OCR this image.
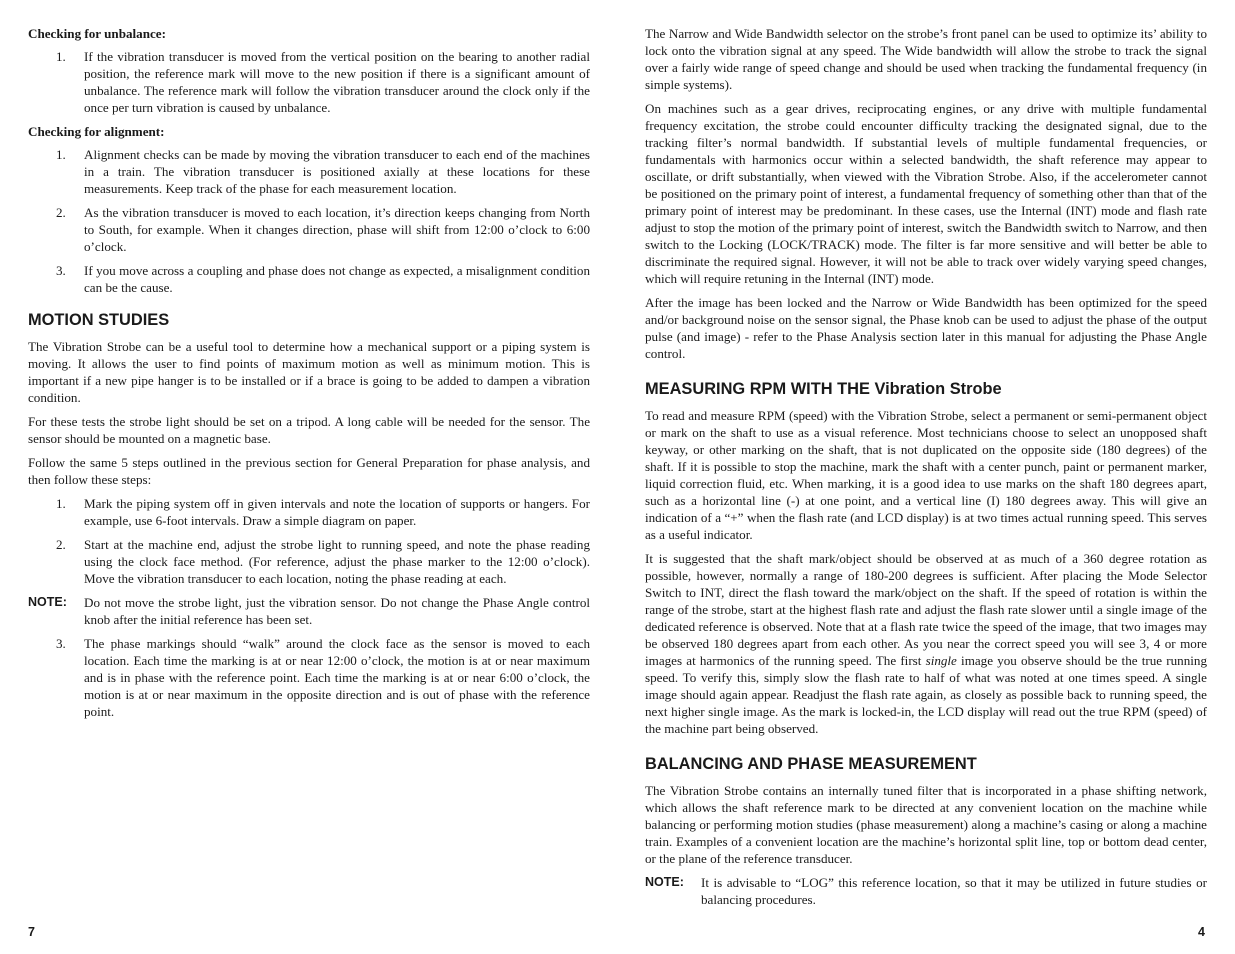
Checking for unbalance:

1. If the vibration transducer is moved from the vertical position on the bearing to another radial position, the reference mark will move to the new position if there is a significant amount of unbalance. The reference mark will follow the vibration transducer around the clock only if the once per turn vibration is caused by unbalance.

Checking for alignment:

1. Alignment checks can be made by moving the vibration transducer to each end of the machines in a train. The vibration transducer is positioned axially at these locations for these measurements. Keep track of the phase for each measurement location.
2. As the vibration transducer is moved to each location, it’s direction keeps changing from North to South, for example. When it changes direction, phase will shift from 12:00 o’clock to 6:00 o’clock.
3. If you move across a coupling and phase does not change as expected, a misalignment condition can be the cause.
MOTION STUDIES

The Vibration Strobe can be a useful tool to determine how a mechanical support or a piping system is moving. It allows the user to find points of maximum motion as well as minimum motion. This is important if a new pipe hanger is to be installed or if a brace is going to be added to dampen a vibration condition.

For these tests the strobe light should be set on a tripod. A long cable will be needed for the sensor. The sensor should be mounted on a magnetic base.

Follow the same 5 steps outlined in the previous section for General Preparation for phase analysis, and then follow these steps:

1. Mark the piping system off in given intervals and note the location of supports or hangers. For example, use 6-foot intervals. Draw a simple diagram on paper.
2. Start at the machine end, adjust the strobe light to running speed, and note the phase reading using the clock face method. (For reference, adjust the phase marker to the 12:00 o’clock). Move the vibration transducer to each location, noting the phase reading at each.
NOTE: Do not move the strobe light, just the vibration sensor. Do not change the Phase Angle control knob after the initial reference has been set.
3. The phase markings should “walk” around the clock face as the sensor is moved to each location. Each time the marking is at or near 12:00 o’clock, the motion is at or near maximum and is in phase with the reference point. Each time the marking is at or near 6:00 o’clock, the motion is at or near maximum in the opposite direction and is out of phase with the reference point.

The Narrow and Wide Bandwidth selector on the strobe’s front panel can be used to optimize its’ ability to lock onto the vibration signal at any speed. The Wide bandwidth will allow the strobe to track the signal over a fairly wide range of speed change and should be used when tracking the fundamental frequency (in simple systems).

On machines such as a gear drives, reciprocating engines, or any drive with multiple fundamental frequency excitation, the strobe could encounter difficulty tracking the designated signal, due to the tracking filter’s normal bandwidth. If substantial levels of multiple fundamental frequencies, or fundamentals with harmonics occur within a selected bandwidth, the shaft reference may appear to oscillate, or drift substantially, when viewed with the Vibration Strobe. Also, if the accelerometer cannot be positioned on the primary point of interest, a fundamental frequency of something other than that of the primary point of interest may be predominant. In these cases, use the Internal (INT) mode and flash rate adjust to stop the motion of the primary point of interest, switch the Bandwidth switch to Narrow, and then switch to the Locking (LOCK/TRACK) mode. The filter is far more sensitive and will better be able to discriminate the required signal. However, it will not be able to track over widely varying speed changes, which will require retuning in the Internal (INT) mode.

After the image has been locked and the Narrow or Wide Bandwidth has been optimized for the speed and/or background noise on the sensor signal, the Phase knob can be used to adjust the phase of the output pulse (and image) - refer to the Phase Analysis section later in this manual for adjusting the Phase Angle control.

MEASURING RPM WITH THE Vibration Strobe

To read and measure RPM (speed) with the Vibration Strobe, select a permanent or semi-permanent object or mark on the shaft to use as a visual reference. Most technicians choose to select an unopposed shaft keyway, or other marking on the shaft, that is not duplicated on the opposite side (180 degrees) of the shaft. If it is possible to stop the machine, mark the shaft with a center punch, paint or permanent marker, liquid correction fluid, etc. When marking, it is a good idea to use marks on the shaft 180 degrees apart, such as a horizontal line (-) at one point, and a vertical line (I) 180 degrees away. This will give an indication of a “+” when the flash rate (and LCD display) is at two times actual running speed. This serves as a useful indicator.

It is suggested that the shaft mark/object should be observed at as much of a 360 degree rotation as possible, however, normally a range of 180-200 degrees is sufficient. After placing the Mode Selector Switch to INT, direct the flash toward the mark/object on the shaft. If the speed of rotation is within the range of the strobe, start at the highest flash rate and adjust the flash rate slower until a single image of the dedicated reference is observed. Note that at a flash rate twice the speed of the image, that two images may be observed 180 degrees apart from each other. As you near the correct speed you will see 3, 4 or more images at harmonics of the running speed. The first single image you observe should be the true running speed. To verify this, simply slow the flash rate to half of what was noted at one times speed. A single image should again appear. Readjust the flash rate again, as closely as possible back to running speed, the next higher single image. As the mark is locked-in, the LCD display will read out the true RPM (speed) of the machine part being observed.

BALANCING AND PHASE MEASUREMENT

The Vibration Strobe contains an internally tuned filter that is incorporated in a phase shifting network, which allows the shaft reference mark to be directed at any convenient location on the machine while balancing or performing motion studies (phase measurement) along a machine’s casing or along a machine train. Examples of a convenient location are the machine’s horizontal split line, top or bottom dead center, or the plane of the reference transducer.

NOTE: It is advisable to “LOG” this reference location, so that it may be utilized in future studies or balancing procedures.
7	4
